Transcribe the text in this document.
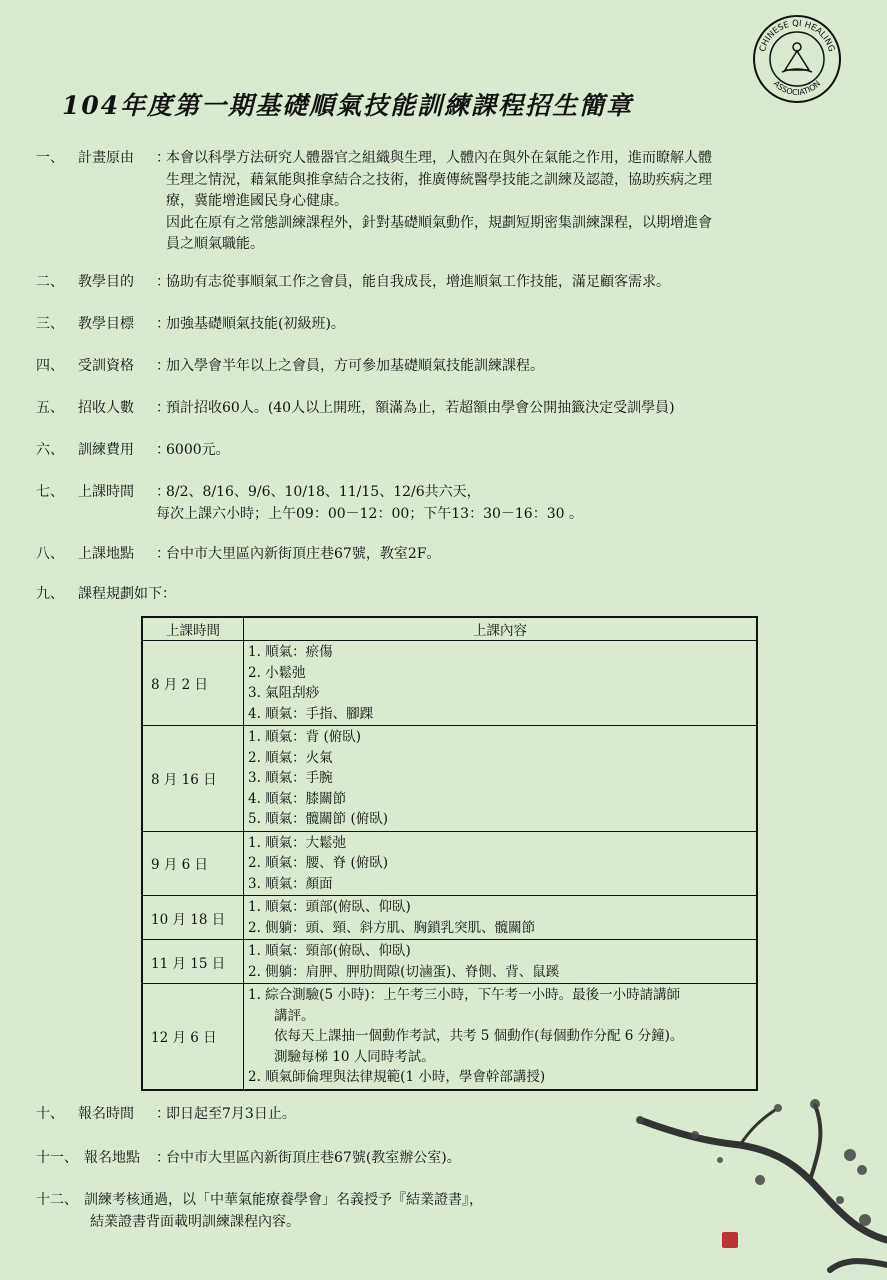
CHINESE QI HEALING
ASSOCIATION
104年度第一期基礎順氣技能訓練課程招生簡章
一、	計畫原由	：
本會以科學方法研究人體器官之組織與生理，人體內在與外在氣能之作用，進而瞭解人體
生理之情況，藉氣能與推拿結合之技術，推廣傳統醫學技能之訓練及認證，協助疾病之理
療，冀能增進國民身心健康。
因此在原有之常態訓練課程外，針對基礎順氣動作，規劃短期密集訓練課程，以期增進會
員之順氣職能。
二、	教學目的	：
協助有志從事順氣工作之會員，能自我成長，增進順氣工作技能，滿足顧客需求。
三、	教學目標	：
加強基礎順氣技能(初級班)。
四、	受訓資格	：
加入學會半年以上之會員，方可參加基礎順氣技能訓練課程。
五、	招收人數	：
預計招收60人。(40人以上開班，額滿為止，若超額由學會公開抽籤決定受訓學員)
六、	訓練費用	：
6000元。
七、	上課時間	：
8/2、8/16、9/6、10/18、11/15、12/6共六天，
每次上課六小時；上午09：00－12：00；下午13：30－16：30 。
八、	上課地點	：
台中市大里區內新街頂庄巷67號，教室2F。
九、	課程規劃如下：
上課時間	上課內容
8 月 2 日	1. 順氣：瘀傷
2. 小鬆弛
3. 氣阻刮痧
4. 順氣：手指、腳踝

8 月 16 日	1. 順氣：背 (俯臥)
2. 順氣：火氣
3. 順氣：手腕
4. 順氣：膝關節
5. 順氣：髖關節 (俯臥)

9 月 6 日	1. 順氣：大鬆弛
2. 順氣：腰、脊 (俯臥)
3. 順氣：顏面

10 月 18 日	1. 順氣：頭部(俯臥、仰臥)
2. 側躺：頭、頸、斜方肌、胸鎖乳突肌、髖關節

11 月 15 日	1. 順氣：頸部(俯臥、仰臥)
2. 側躺：肩胛、胛肋間隙(切滷蛋)、脊側、背、鼠蹊

12 月 6 日	1. 綜合測驗(5 小時)：上午考三小時，下午考一小時。最後一小時請講師
講評。
依每天上課抽一個動作考試，共考 5 個動作(每個動作分配 6 分鐘)。
測驗每梯 10 人同時考試。
2. 順氣師倫理與法律規範(1 小時，學會幹部講授)
十、	報名時間	：
即日起至7月3日止。
十一、 報名地點	：
台中市大里區內新街頂庄巷67號(教室辦公室)。
十二、 訓練考核通過，以「中華氣能療養學會」名義授予『結業證書』，
結業證書背面載明訓練課程內容。
